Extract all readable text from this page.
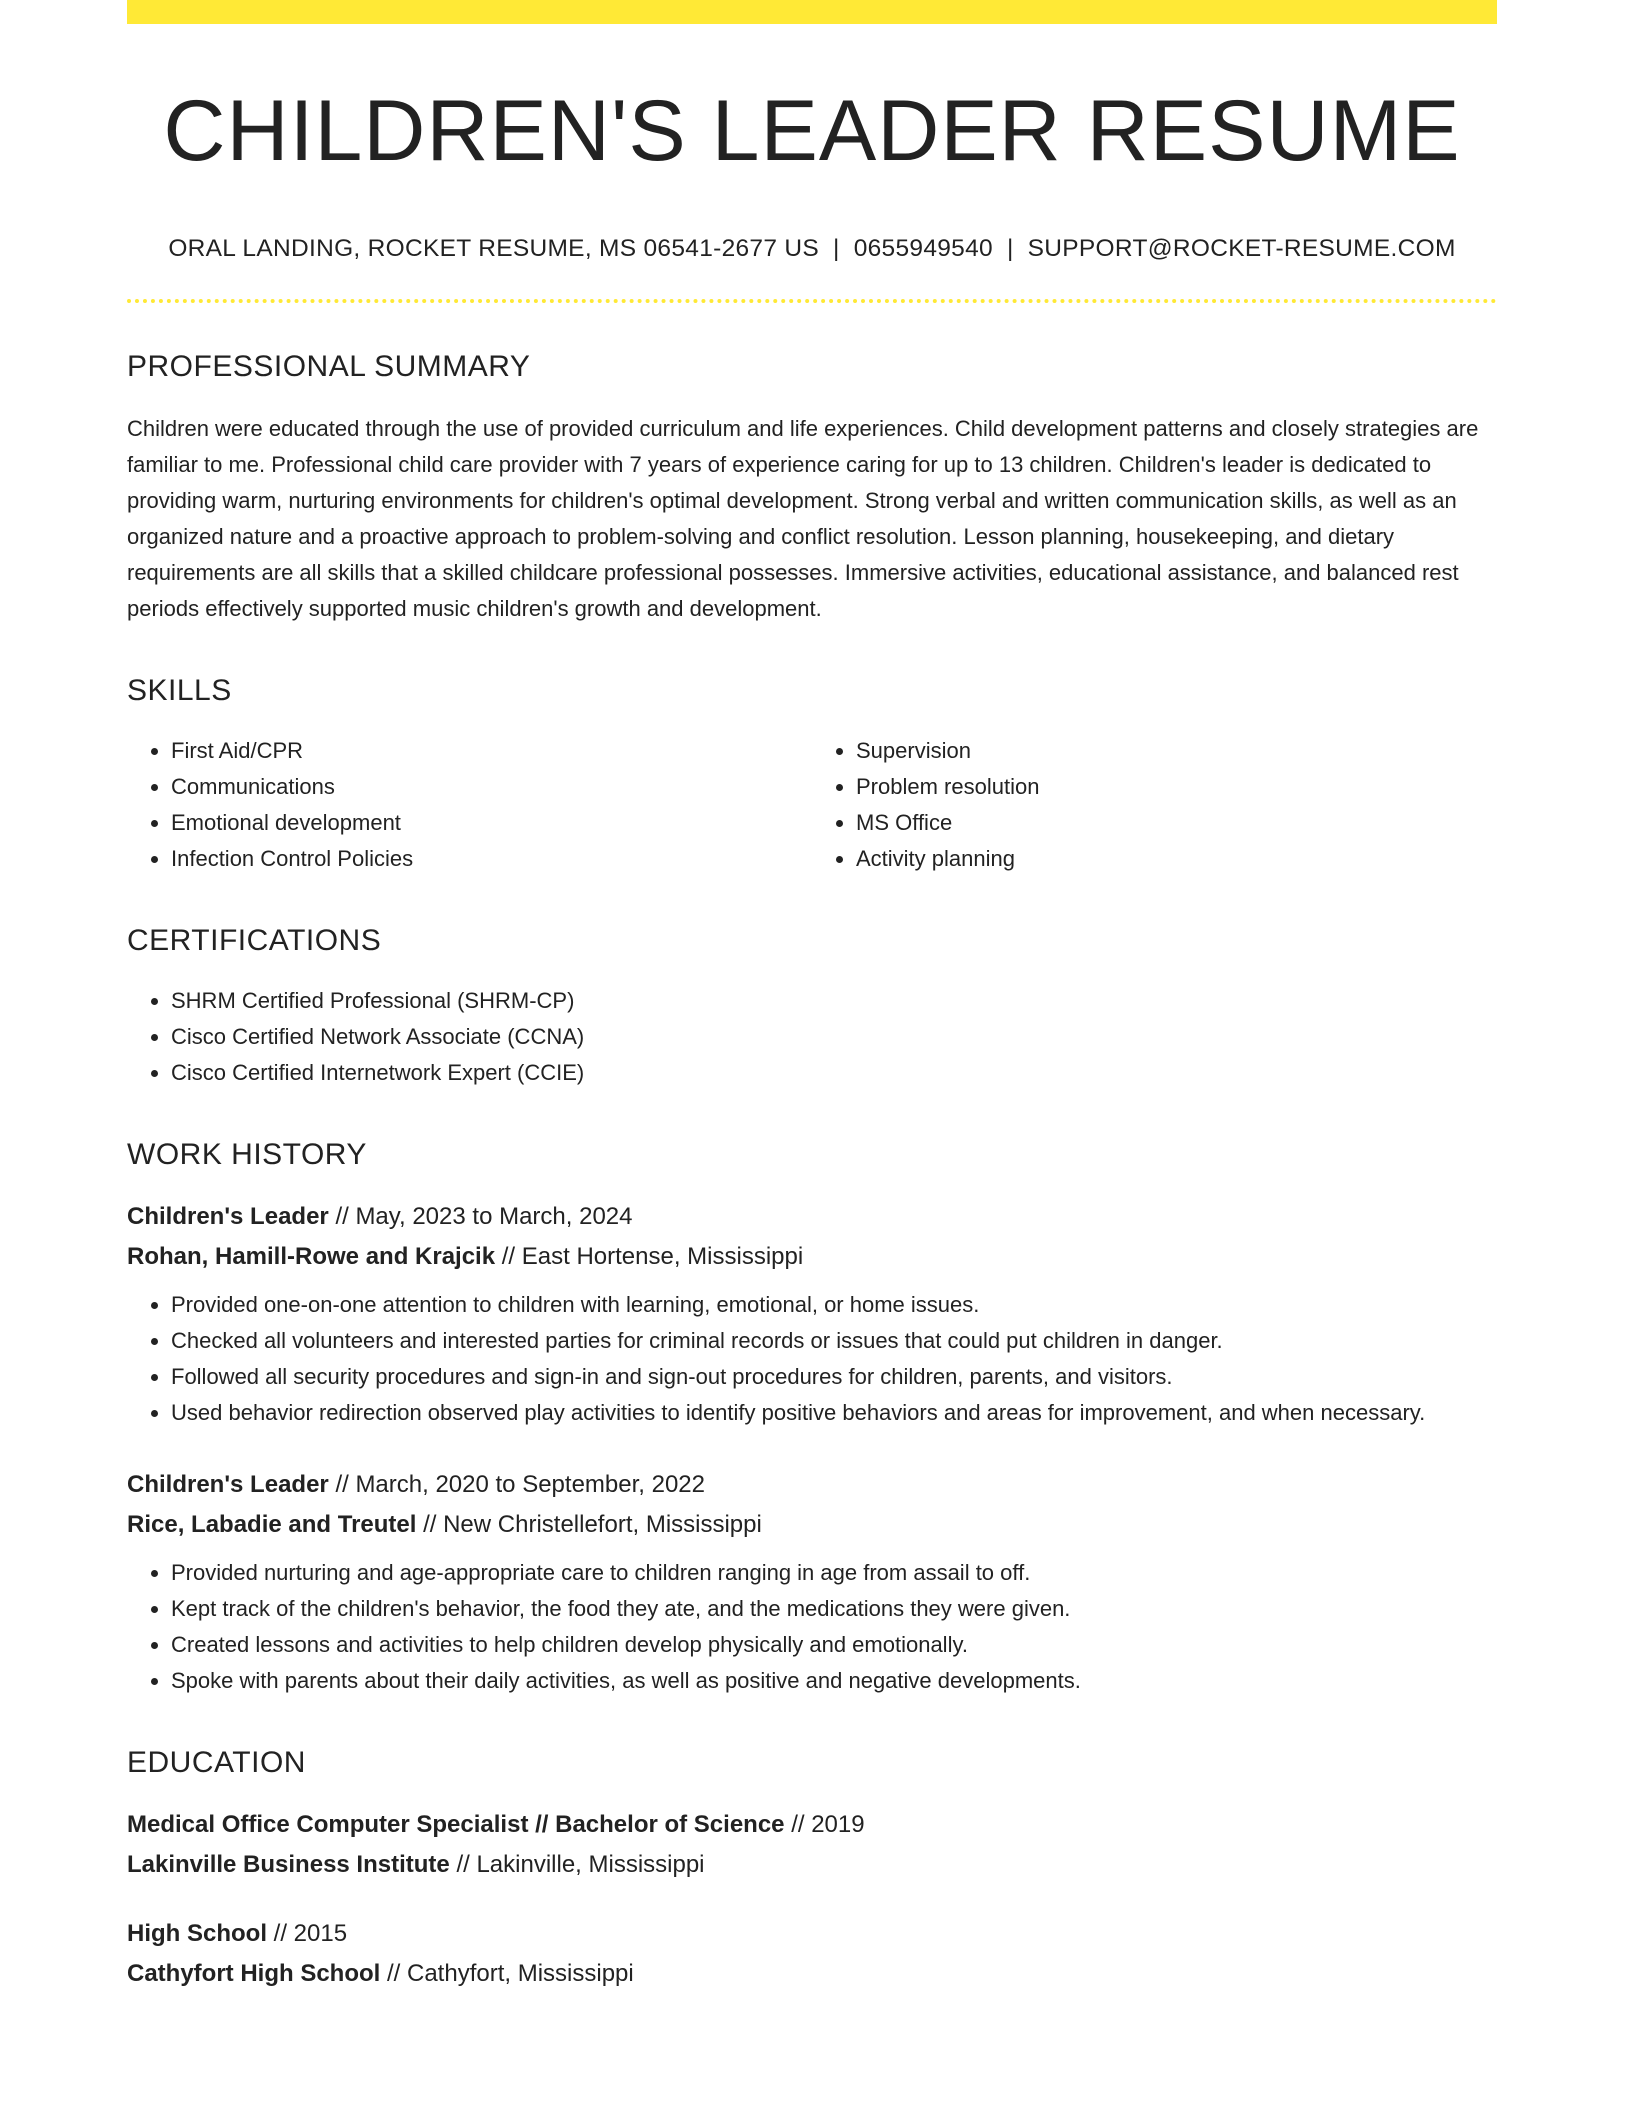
CHILDREN'S LEADER RESUME
ORAL LANDING, ROCKET RESUME, MS 06541-2677 US | 0655949540 | SUPPORT@ROCKET-RESUME.COM
PROFESSIONAL SUMMARY

Children were educated through the use of provided curriculum and life experiences. Child development patterns and closely strategies are familiar to me. Professional child care provider with 7 years of experience caring for up to 13 children. Children's leader is dedicated to providing warm, nurturing environments for children's optimal development. Strong verbal and written communication skills, as well as an organized nature and a proactive approach to problem-solving and conflict resolution. Lesson planning, housekeeping, and dietary requirements are all skills that a skilled childcare professional possesses. Immersive activities, educational assistance, and balanced rest periods effectively supported music children's growth and development.

SKILLS
• First Aid/CPR
• Communications
• Emotional development
• Infection Control Policies
• Supervision
• Problem resolution
• MS Office
• Activity planning
CERTIFICATIONS
• SHRM Certified Professional (SHRM-CP)
• Cisco Certified Network Associate (CCNA)
• Cisco Certified Internetwork Expert (CCIE)
WORK HISTORY
Children's Leader // May, 2023 to March, 2024
Rohan, Hamill-Rowe and Krajcik // East Hortense, Mississippi
• Provided one-on-one attention to children with learning, emotional, or home issues.
• Checked all volunteers and interested parties for criminal records or issues that could put children in danger.
• Followed all security procedures and sign-in and sign-out procedures for children, parents, and visitors.
• Used behavior redirection observed play activities to identify positive behaviors and areas for improvement, and when necessary.
Children's Leader // March, 2020 to September, 2022
Rice, Labadie and Treutel // New Christellefort, Mississippi
• Provided nurturing and age-appropriate care to children ranging in age from assail to off.
• Kept track of the children's behavior, the food they ate, and the medications they were given.
• Created lessons and activities to help children develop physically and emotionally.
• Spoke with parents about their daily activities, as well as positive and negative developments.
EDUCATION
Medical Office Computer Specialist // Bachelor of Science // 2019
Lakinville Business Institute // Lakinville, Mississippi
High School // 2015
Cathyfort High School // Cathyfort, Mississippi
